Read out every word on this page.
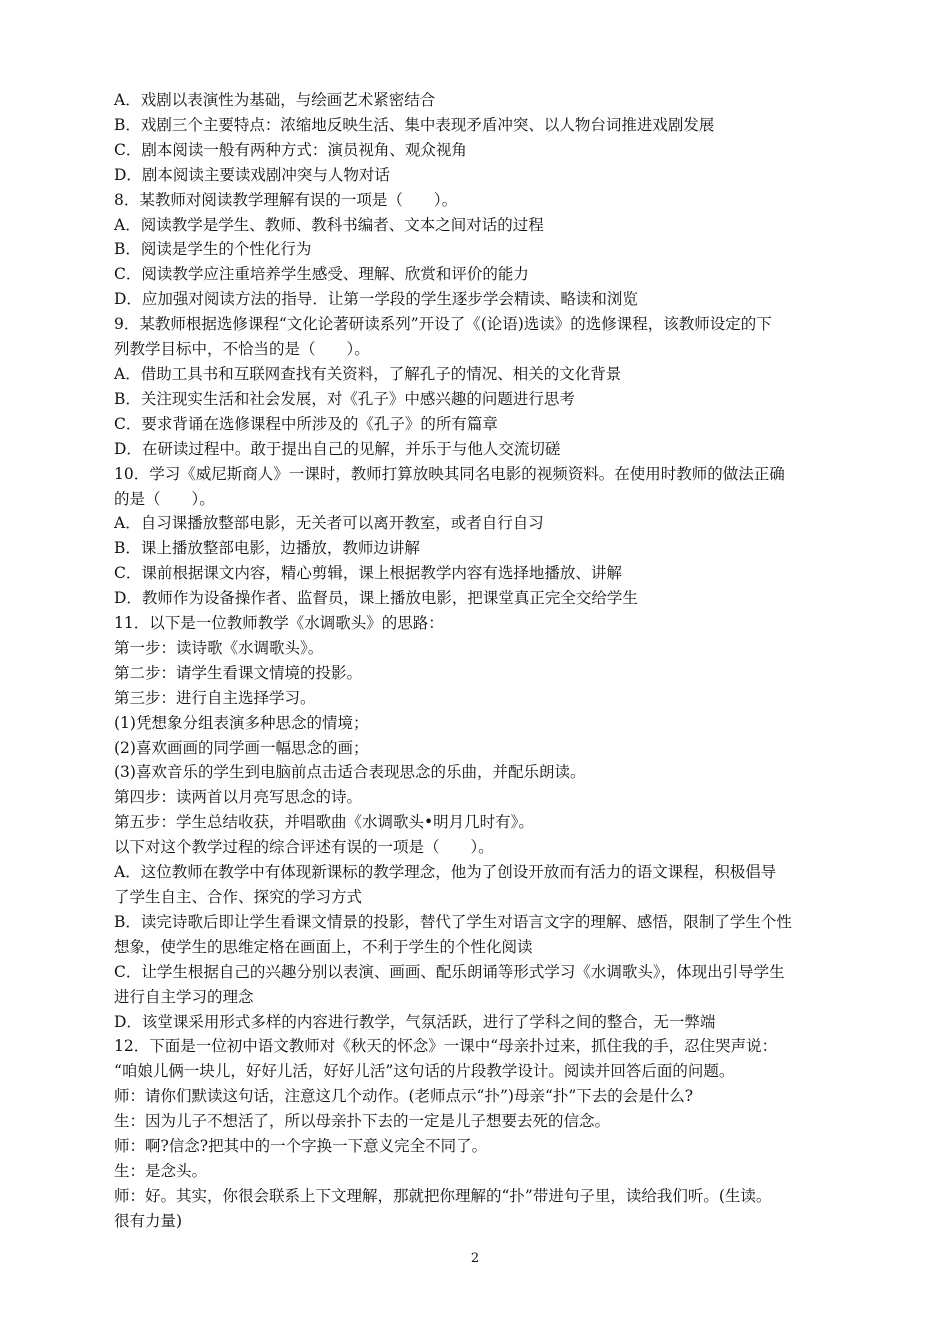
A．戏剧以表演性为基础，与绘画艺术紧密结合
B．戏剧三个主要特点：浓缩地反映生活、集中表现矛盾冲突、以人物台词推进戏剧发展
C．剧本阅读一般有两种方式：演员视角、观众视角
D．剧本阅读主要读戏剧冲突与人物对话
8．某教师对阅读教学理解有误的一项是（　　）。
A．阅读教学是学生、教师、教科书编者、文本之间对话的过程
B．阅读是学生的个性化行为
C．阅读教学应注重培养学生感受、理解、欣赏和评价的能力
D．应加强对阅读方法的指导．让第一学段的学生逐步学会精读、略读和浏览
9．某教师根据选修课程“文化论著研读系列”开设了《(论语)选读》的选修课程，该教师设定的下
列教学目标中，不恰当的是（　　）。
A．借助工具书和互联网查找有关资料，了解孔子的情况、相关的文化背景
B．关注现实生活和社会发展，对《孔子》中感兴趣的问题进行思考
C．要求背诵在选修课程中所涉及的《孔子》的所有篇章
D．在研读过程中。敢于提出自己的见解，并乐于与他人交流切磋
10．学习《威尼斯商人》一课时，教师打算放映其同名电影的视频资料。在使用时教师的做法正确
的是（　　）。
A．自习课播放整部电影，无关者可以离开教室，或者自行自习
B．课上播放整部电影，边播放，教师边讲解
C．课前根据课文内容，精心剪辑，课上根据教学内容有选择地播放、讲解
D．教师作为设备操作者、监督员，课上播放电影，把课堂真正完全交给学生
11．以下是一位教师教学《水调歌头》的思路：
第一步：读诗歌《水调歌头》。
第二步：请学生看课文情境的投影。
第三步：进行自主选择学习。
(1)凭想象分组表演多种思念的情境；
(2)喜欢画画的同学画一幅思念的画；
(3)喜欢音乐的学生到电脑前点击适合表现思念的乐曲，并配乐朗读。
第四步：读两首以月亮写思念的诗。
第五步：学生总结收获，并唱歌曲《水调歌头•明月几时有》。
以下对这个教学过程的综合评述有误的一项是（　　）。
A．这位教师在教学中有体现新课标的教学理念，他为了创设开放而有活力的语文课程，积极倡导
了学生自主、合作、探究的学习方式
B．读完诗歌后即让学生看课文情景的投影，替代了学生对语言文字的理解、感悟，限制了学生个性
想象，使学生的思维定格在画面上，不利于学生的个性化阅读
C．让学生根据自己的兴趣分别以表演、画画、配乐朗诵等形式学习《水调歌头》，体现出引导学生
进行自主学习的理念
D．该堂课采用形式多样的内容进行教学，气氛活跃，进行了学科之间的整合，无一弊端
12．下面是一位初中语文教师对《秋天的怀念》一课中“母亲扑过来，抓住我的手，忍住哭声说：
“咱娘儿俩一块儿，好好儿活，好好儿活”这句话的片段教学设计。阅读并回答后面的问题。
师：请你们默读这句话，注意这几个动作。(老师点示“扑”)母亲“扑”下去的会是什么?
生：因为儿子不想活了，所以母亲扑下去的一定是儿子想要去死的信念。
师：啊?信念?把其中的一个字换一下意义完全不同了。
生：是念头。
师：好。其实，你很会联系上下文理解，那就把你理解的“扑”带进句子里，读给我们听。(生读。
很有力量)
2
